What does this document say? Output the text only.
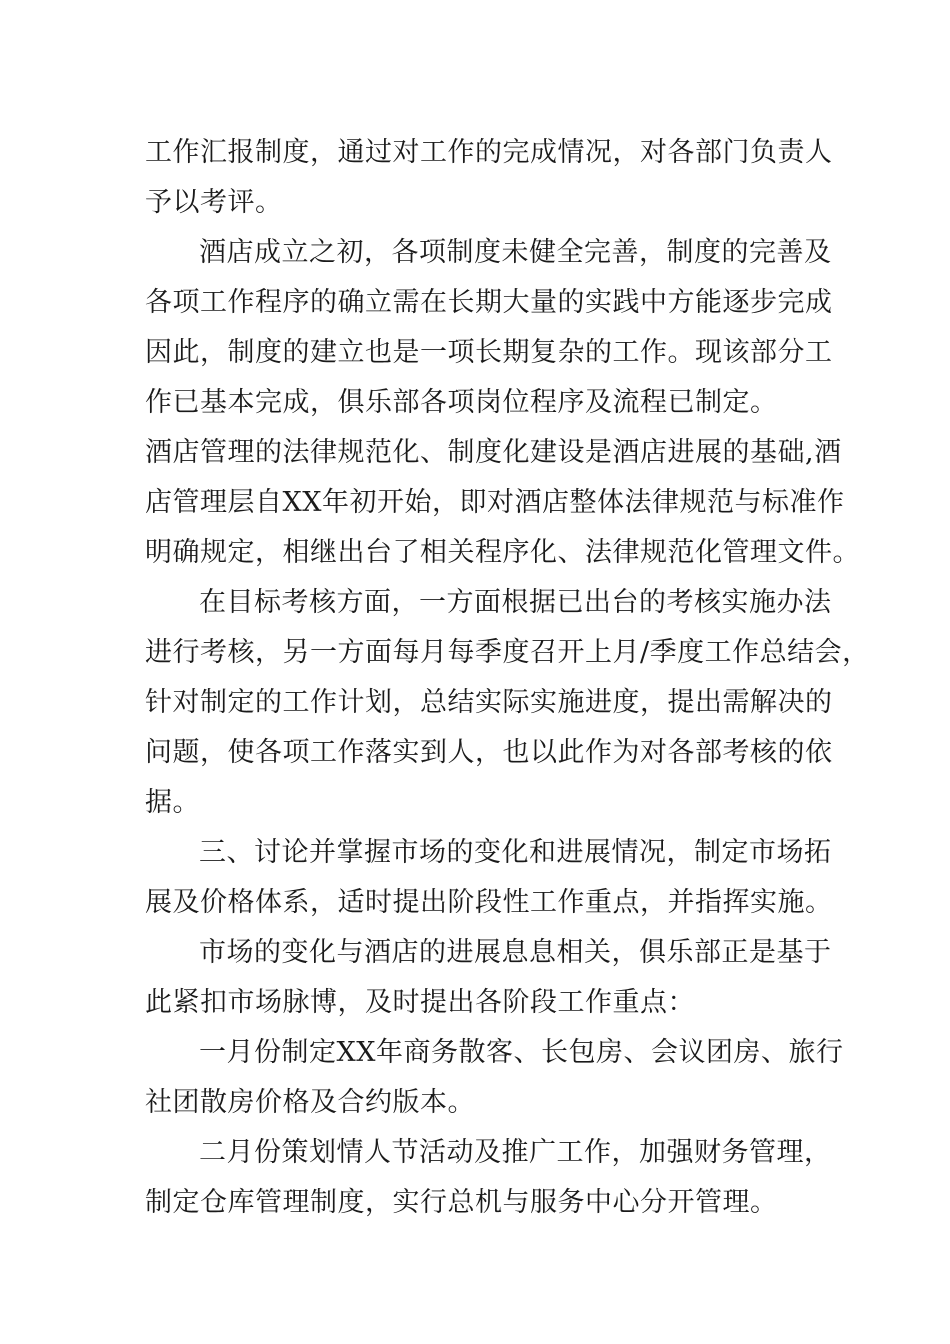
工作汇报制度，通过对工作的完成情况，对各部门负责人
予以考评。
酒店成立之初，各项制度未健全完善，制度的完善及
各项工作程序的确立需在长期大量的实践中方能逐步完成
因此，制度的建立也是一项长期复杂的工作。现该部分工
作已基本完成，俱乐部各项岗位程序及流程已制定。
酒店管理的法律规范化、制度化建设是酒店进展的基础,酒
店管理层自XX年初开始，即对酒店整体法律规范与标准作
明确规定，相继出台了相关程序化、法律规范化管理文件。
在目标考核方面，一方面根据已出台的考核实施办法
进行考核，另一方面每月每季度召开上月/季度工作总结会，
针对制定的工作计划，总结实际实施进度，提出需解决的
问题，使各项工作落实到人，也以此作为对各部考核的依
据。
三、讨论并掌握市场的变化和进展情况，制定市场拓
展及价格体系，适时提出阶段性工作重点，并指挥实施。
市场的变化与酒店的进展息息相关，俱乐部正是基于
此紧扣市场脉博，及时提出各阶段工作重点：
一月份制定XX年商务散客、长包房、会议团房、旅行
社团散房价格及合约版本。
二月份策划情人节活动及推广工作，加强财务管理，
制定仓库管理制度，实行总机与服务中心分开管理。
